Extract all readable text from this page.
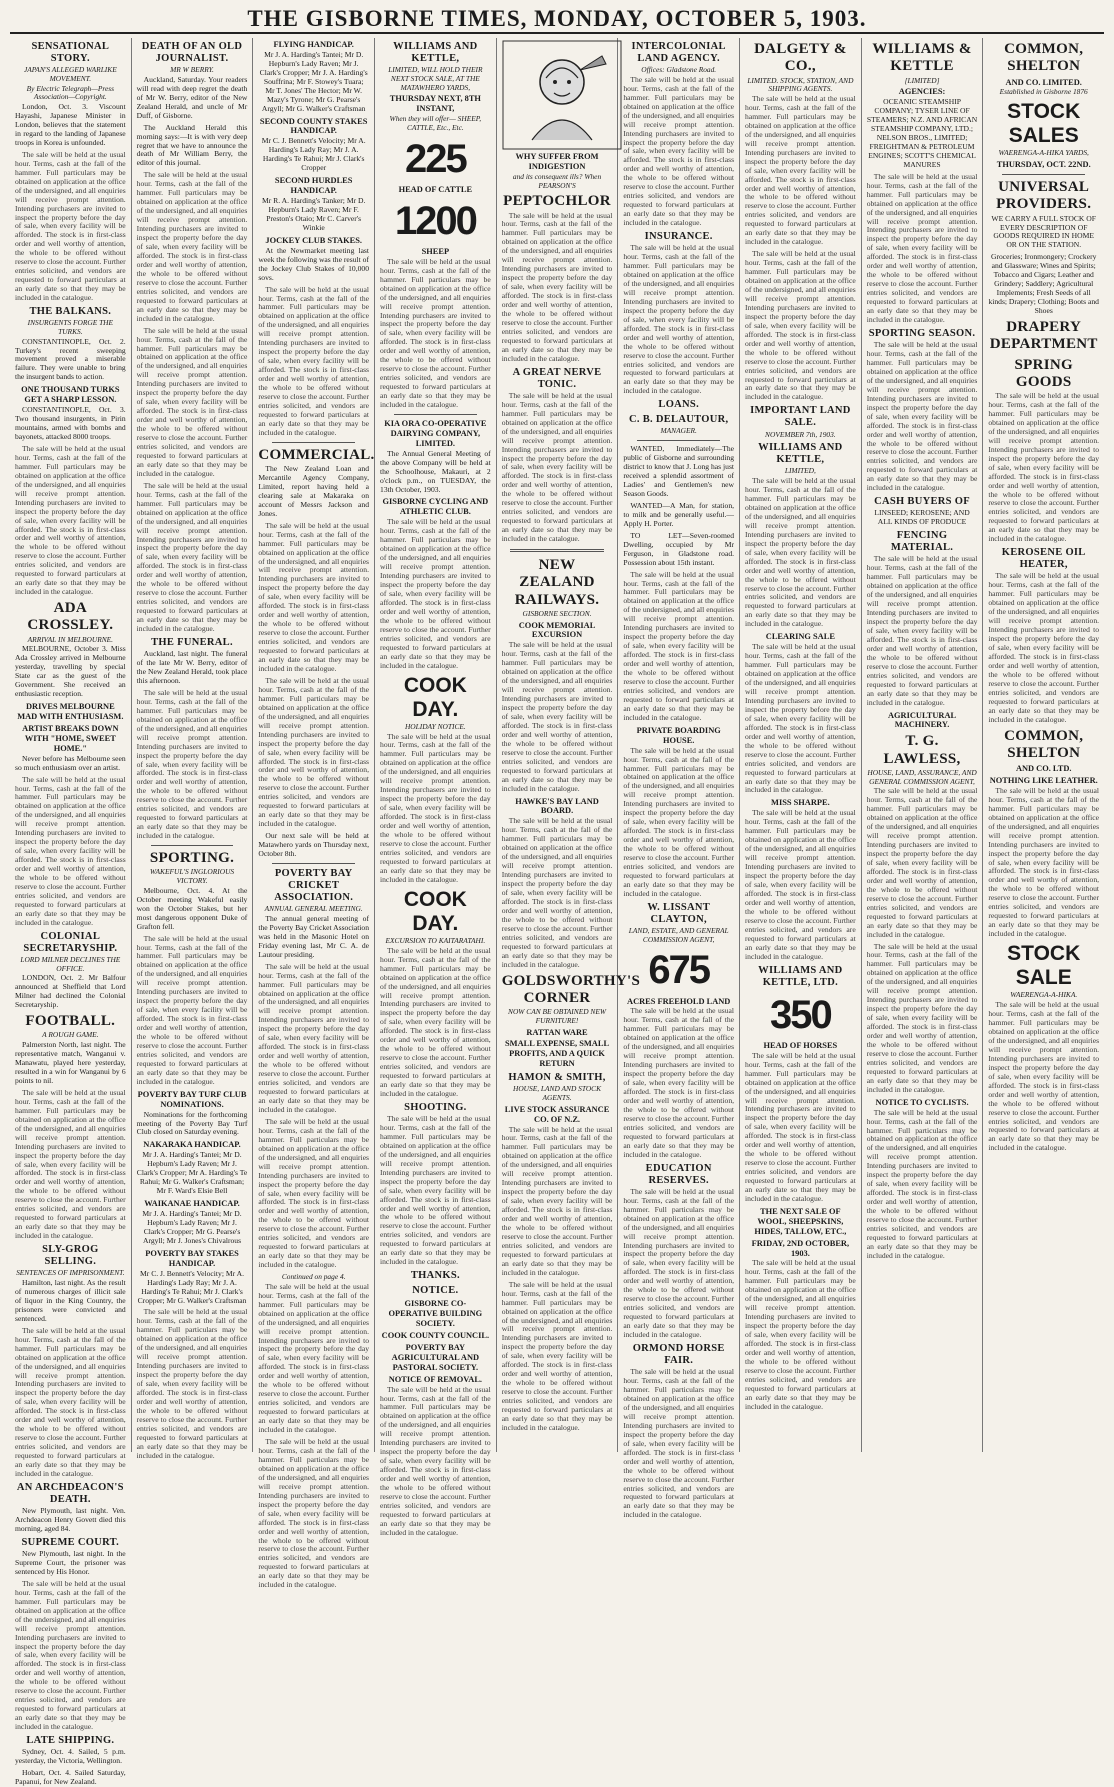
THE GISBORNE TIMES, MONDAY, OCTOBER 5, 1903.
SENSATIONAL STORY.
JAPAN'S ALLEGED WARLIKE MOVEMENT.
By Electric Telegraph—Press Association—Copyright.

London, Oct. 3. Viscount Hayashi, Japanese Minister in London, believes that the statement in regard to the landing of Japanese troops in Korea is unfounded.

The sale will be held at the usual hour. Terms, cash at the fall of the hammer. Full particulars may be obtained on application at the office of the undersigned, and all enquiries will receive prompt attention. Intending purchasers are invited to inspect the property before the day of sale, when every facility will be afforded. The stock is in first-class order and well worthy of attention, the whole to be offered without reserve to close the account. Further entries solicited, and vendors are requested to forward particulars at an early date so that they may be included in the catalogue.

THE BALKANS.
INSURGENTS FORGE THE TURKS.

CONSTANTINOPLE, Oct. 2. Turkey's recent sweeping movement proved a miserable failure. They were unable to bring the insurgent bands to action.

ONE THOUSAND TURKS GET A SHARP LESSON.

CONSTANTINOPLE, Oct. 3. Two thousand insurgents, in Pirin mountains, armed with bombs and bayonets, attacked 8000 troops.

The sale will be held at the usual hour. Terms, cash at the fall of the hammer. Full particulars may be obtained on application at the office of the undersigned, and all enquiries will receive prompt attention. Intending purchasers are invited to inspect the property before the day of sale, when every facility will be afforded. The stock is in first-class order and well worthy of attention, the whole to be offered without reserve to close the account. Further entries solicited, and vendors are requested to forward particulars at an early date so that they may be included in the catalogue.

ADA CROSSLEY.
ARRIVAL IN MELBOURNE.

MELBOURNE, October 3. Miss Ada Crossley arrived in Melbourne yesterday, travelling by special State car as the guest of the Government. She received an enthusiastic reception.

DRIVES MELBOURNE MAD WITH ENTHUSIASM.
ARTIST BREAKS DOWN WITH "HOME, SWEET HOME."

Never before has Melbourne seen so much enthusiasm over an artist.

The sale will be held at the usual hour. Terms, cash at the fall of the hammer. Full particulars may be obtained on application at the office of the undersigned, and all enquiries will receive prompt attention. Intending purchasers are invited to inspect the property before the day of sale, when every facility will be afforded. The stock is in first-class order and well worthy of attention, the whole to be offered without reserve to close the account. Further entries solicited, and vendors are requested to forward particulars at an early date so that they may be included in the catalogue.

COLONIAL SECRETARYSHIP.
LORD MILNER DECLINES THE OFFICE.

LONDON, Oct. 2. Mr Balfour announced at Sheffield that Lord Milner had declined the Colonial Secretaryship.

FOOTBALL.
A ROUGH GAME.

Palmerston North, last night. The representative match, Wanganui v. Manawatu, played here yesterday, resulted in a win for Wanganui by 6 points to nil.

The sale will be held at the usual hour. Terms, cash at the fall of the hammer. Full particulars may be obtained on application at the office of the undersigned, and all enquiries will receive prompt attention. Intending purchasers are invited to inspect the property before the day of sale, when every facility will be afforded. The stock is in first-class order and well worthy of attention, the whole to be offered without reserve to close the account. Further entries solicited, and vendors are requested to forward particulars at an early date so that they may be included in the catalogue.

SLY-GROG SELLING.
SENTENCES OF IMPRISONMENT.

Hamilton, last night. As the result of numerous charges of illicit sale of liquor in the King Country, the prisoners were convicted and sentenced.

The sale will be held at the usual hour. Terms, cash at the fall of the hammer. Full particulars may be obtained on application at the office of the undersigned, and all enquiries will receive prompt attention. Intending purchasers are invited to inspect the property before the day of sale, when every facility will be afforded. The stock is in first-class order and well worthy of attention, the whole to be offered without reserve to close the account. Further entries solicited, and vendors are requested to forward particulars at an early date so that they may be included in the catalogue.

AN ARCHDEACON'S DEATH.

New Plymouth, last night. Ven. Archdeacon Henry Govett died this morning, aged 84.

SUPREME COURT.

New Plymouth, last night. In the Supreme Court, the prisoner was sentenced by His Honor.

The sale will be held at the usual hour. Terms, cash at the fall of the hammer. Full particulars may be obtained on application at the office of the undersigned, and all enquiries will receive prompt attention. Intending purchasers are invited to inspect the property before the day of sale, when every facility will be afforded. The stock is in first-class order and well worthy of attention, the whole to be offered without reserve to close the account. Further entries solicited, and vendors are requested to forward particulars at an early date so that they may be included in the catalogue.

LATE SHIPPING.

Sydney, Oct. 4. Sailed, 5 p.m. yesterday, the Victoria, Wellington.

Hobart, Oct. 4. Sailed Saturday, Papanui, for New Zealand.

DEATH OF AN OLD JOURNALIST.
MR W BERRY.

Auckland, Saturday. Your readers will read with deep regret the death of Mr W. Berry, editor of the New Zealand Herald, and uncle of Mr Duff, of Gisborne.

The Auckland Herald this morning says:—It is with very deep regret that we have to announce the death of Mr William Berry, the editor of this journal.

The sale will be held at the usual hour. Terms, cash at the fall of the hammer. Full particulars may be obtained on application at the office of the undersigned, and all enquiries will receive prompt attention. Intending purchasers are invited to inspect the property before the day of sale, when every facility will be afforded. The stock is in first-class order and well worthy of attention, the whole to be offered without reserve to close the account. Further entries solicited, and vendors are requested to forward particulars at an early date so that they may be included in the catalogue.

The sale will be held at the usual hour. Terms, cash at the fall of the hammer. Full particulars may be obtained on application at the office of the undersigned, and all enquiries will receive prompt attention. Intending purchasers are invited to inspect the property before the day of sale, when every facility will be afforded. The stock is in first-class order and well worthy of attention, the whole to be offered without reserve to close the account. Further entries solicited, and vendors are requested to forward particulars at an early date so that they may be included in the catalogue.

The sale will be held at the usual hour. Terms, cash at the fall of the hammer. Full particulars may be obtained on application at the office of the undersigned, and all enquiries will receive prompt attention. Intending purchasers are invited to inspect the property before the day of sale, when every facility will be afforded. The stock is in first-class order and well worthy of attention, the whole to be offered without reserve to close the account. Further entries solicited, and vendors are requested to forward particulars at an early date so that they may be included in the catalogue.

THE FUNERAL.

Auckland, last night. The funeral of the late Mr W. Berry, editor of the New Zealand Herald, took place this afternoon.

The sale will be held at the usual hour. Terms, cash at the fall of the hammer. Full particulars may be obtained on application at the office of the undersigned, and all enquiries will receive prompt attention. Intending purchasers are invited to inspect the property before the day of sale, when every facility will be afforded. The stock is in first-class order and well worthy of attention, the whole to be offered without reserve to close the account. Further entries solicited, and vendors are requested to forward particulars at an early date so that they may be included in the catalogue.

SPORTING.
WAKEFUL'S INGLORIOUS VICTORY.

Melbourne, Oct. 4. At the October meeting Wakeful easily won the October Stakes, but her most dangerous opponent Duke of Grafton fell.

The sale will be held at the usual hour. Terms, cash at the fall of the hammer. Full particulars may be obtained on application at the office of the undersigned, and all enquiries will receive prompt attention. Intending purchasers are invited to inspect the property before the day of sale, when every facility will be afforded. The stock is in first-class order and well worthy of attention, the whole to be offered without reserve to close the account. Further entries solicited, and vendors are requested to forward particulars at an early date so that they may be included in the catalogue.

POVERTY BAY TURF CLUB NOMINATIONS.

Nominations for the forthcoming meeting of the Poverty Bay Turf Club closed on Saturday evening.

NAKARAKA HANDICAP.

Mr J. A. Harding's Tantei; Mr D. Hepburn's Lady Raven; Mr J. Clark's Cropper; Mr A. Harding's Te Rahui; Mr G. Walker's Craftsman; Mr F. Ward's Elsie Bell

WAIKANAE HANDICAP.

Mr J. A. Harding's Tantei; Mr D. Hepburn's Lady Raven; Mr J. Clark's Cropper; Mr G. Pearse's Argyll; Mr J. Jones's Chivalrous

POVERTY BAY STAKES HANDICAP.

Mr C. J. Bennett's Velocity; Mr A. Harding's Lady Ray; Mr J. A. Harding's Te Rahui; Mr J. Clark's Cropper; Mr G. Walker's Craftsman

The sale will be held at the usual hour. Terms, cash at the fall of the hammer. Full particulars may be obtained on application at the office of the undersigned, and all enquiries will receive prompt attention. Intending purchasers are invited to inspect the property before the day of sale, when every facility will be afforded. The stock is in first-class order and well worthy of attention, the whole to be offered without reserve to close the account. Further entries solicited, and vendors are requested to forward particulars at an early date so that they may be included in the catalogue.

FLYING HANDICAP.

Mr J. A. Harding's Tantei; Mr D. Hepburn's Lady Raven; Mr J. Clark's Cropper; Mr J. A. Harding's Souffrina; Mr F. Stowey's Tuara; Mr T. Jones' The Hector; Mr W. Mazy's Tyrone; Mr G. Pearse's Argyll; Mr G. Walker's Craftsman

SECOND COUNTY STAKES HANDICAP.

Mr C. J. Bennett's Velocity; Mr A. Harding's Lady Ray; Mr J. A. Harding's Te Rahui; Mr J. Clark's Cropper

SECOND HURDLES HANDICAP.

Mr R. A. Harding's Tanker; Mr D. Hepburn's Lady Raven; Mr F. Preston's Otaio; Mr C. Carver's Winkie

JOCKEY CLUB STAKES.

At the Newmarket meeting last week the following was the result of the Jockey Club Stakes of 10,000 sovs.

The sale will be held at the usual hour. Terms, cash at the fall of the hammer. Full particulars may be obtained on application at the office of the undersigned, and all enquiries will receive prompt attention. Intending purchasers are invited to inspect the property before the day of sale, when every facility will be afforded. The stock is in first-class order and well worthy of attention, the whole to be offered without reserve to close the account. Further entries solicited, and vendors are requested to forward particulars at an early date so that they may be included in the catalogue.

COMMERCIAL.

The New Zealand Loan and Mercantile Agency Company, Limited, report having held a clearing sale at Makaraka on account of Messrs Jackson and Jones.

The sale will be held at the usual hour. Terms, cash at the fall of the hammer. Full particulars may be obtained on application at the office of the undersigned, and all enquiries will receive prompt attention. Intending purchasers are invited to inspect the property before the day of sale, when every facility will be afforded. The stock is in first-class order and well worthy of attention, the whole to be offered without reserve to close the account. Further entries solicited, and vendors are requested to forward particulars at an early date so that they may be included in the catalogue.

The sale will be held at the usual hour. Terms, cash at the fall of the hammer. Full particulars may be obtained on application at the office of the undersigned, and all enquiries will receive prompt attention. Intending purchasers are invited to inspect the property before the day of sale, when every facility will be afforded. The stock is in first-class order and well worthy of attention, the whole to be offered without reserve to close the account. Further entries solicited, and vendors are requested to forward particulars at an early date so that they may be included in the catalogue.

Our next sale will be held at Matawhero yards on Thursday next, October 8th.

POVERTY BAY CRICKET ASSOCIATION.
ANNUAL GENERAL MEETING.

The annual general meeting of the Poverty Bay Cricket Association was held in the Masonic Hotel on Friday evening last, Mr C. A. de Lautour presiding.

The sale will be held at the usual hour. Terms, cash at the fall of the hammer. Full particulars may be obtained on application at the office of the undersigned, and all enquiries will receive prompt attention. Intending purchasers are invited to inspect the property before the day of sale, when every facility will be afforded. The stock is in first-class order and well worthy of attention, the whole to be offered without reserve to close the account. Further entries solicited, and vendors are requested to forward particulars at an early date so that they may be included in the catalogue.

The sale will be held at the usual hour. Terms, cash at the fall of the hammer. Full particulars may be obtained on application at the office of the undersigned, and all enquiries will receive prompt attention. Intending purchasers are invited to inspect the property before the day of sale, when every facility will be afforded. The stock is in first-class order and well worthy of attention, the whole to be offered without reserve to close the account. Further entries solicited, and vendors are requested to forward particulars at an early date so that they may be included in the catalogue.

Continued on page 4.

The sale will be held at the usual hour. Terms, cash at the fall of the hammer. Full particulars may be obtained on application at the office of the undersigned, and all enquiries will receive prompt attention. Intending purchasers are invited to inspect the property before the day of sale, when every facility will be afforded. The stock is in first-class order and well worthy of attention, the whole to be offered without reserve to close the account. Further entries solicited, and vendors are requested to forward particulars at an early date so that they may be included in the catalogue.

The sale will be held at the usual hour. Terms, cash at the fall of the hammer. Full particulars may be obtained on application at the office of the undersigned, and all enquiries will receive prompt attention. Intending purchasers are invited to inspect the property before the day of sale, when every facility will be afforded. The stock is in first-class order and well worthy of attention, the whole to be offered without reserve to close the account. Further entries solicited, and vendors are requested to forward particulars at an early date so that they may be included in the catalogue.

WILLIAMS AND KETTLE,
LIMITED, WILL HOLD THEIR NEXT STOCK SALE, AT THE MATAWHERO YARDS,
THURSDAY NEXT, 8TH INSTANT,
When they will offer— SHEEP, CATTLE, Etc., Etc.
225
HEAD OF CATTLE
1200
SHEEP

The sale will be held at the usual hour. Terms, cash at the fall of the hammer. Full particulars may be obtained on application at the office of the undersigned, and all enquiries will receive prompt attention. Intending purchasers are invited to inspect the property before the day of sale, when every facility will be afforded. The stock is in first-class order and well worthy of attention, the whole to be offered without reserve to close the account. Further entries solicited, and vendors are requested to forward particulars at an early date so that they may be included in the catalogue.

KIA ORA CO-OPERATIVE DAIRYING COMPANY, LIMITED.

The Annual General Meeting of the above Company will be held at the Schoolhouse, Makauri, at 2 o'clock p.m., on TUESDAY, the 13th October, 1903.

GISBORNE CYCLING AND ATHLETIC CLUB.

The sale will be held at the usual hour. Terms, cash at the fall of the hammer. Full particulars may be obtained on application at the office of the undersigned, and all enquiries will receive prompt attention. Intending purchasers are invited to inspect the property before the day of sale, when every facility will be afforded. The stock is in first-class order and well worthy of attention, the whole to be offered without reserve to close the account. Further entries solicited, and vendors are requested to forward particulars at an early date so that they may be included in the catalogue.

COOK DAY.
HOLIDAY NOTICE.

The sale will be held at the usual hour. Terms, cash at the fall of the hammer. Full particulars may be obtained on application at the office of the undersigned, and all enquiries will receive prompt attention. Intending purchasers are invited to inspect the property before the day of sale, when every facility will be afforded. The stock is in first-class order and well worthy of attention, the whole to be offered without reserve to close the account. Further entries solicited, and vendors are requested to forward particulars at an early date so that they may be included in the catalogue.

COOK DAY.
EXCURSION TO KAITARATAHI.

The sale will be held at the usual hour. Terms, cash at the fall of the hammer. Full particulars may be obtained on application at the office of the undersigned, and all enquiries will receive prompt attention. Intending purchasers are invited to inspect the property before the day of sale, when every facility will be afforded. The stock is in first-class order and well worthy of attention, the whole to be offered without reserve to close the account. Further entries solicited, and vendors are requested to forward particulars at an early date so that they may be included in the catalogue.

SHOOTING.

The sale will be held at the usual hour. Terms, cash at the fall of the hammer. Full particulars may be obtained on application at the office of the undersigned, and all enquiries will receive prompt attention. Intending purchasers are invited to inspect the property before the day of sale, when every facility will be afforded. The stock is in first-class order and well worthy of attention, the whole to be offered without reserve to close the account. Further entries solicited, and vendors are requested to forward particulars at an early date so that they may be included in the catalogue.

THANKS.
NOTICE.
GISBORNE CO-OPERATIVE BUILDING SOCIETY.
COOK COUNTY COUNCIL.
POVERTY BAY AGRICULTURAL AND PASTORAL SOCIETY.
NOTICE OF REMOVAL.

The sale will be held at the usual hour. Terms, cash at the fall of the hammer. Full particulars may be obtained on application at the office of the undersigned, and all enquiries will receive prompt attention. Intending purchasers are invited to inspect the property before the day of sale, when every facility will be afforded. The stock is in first-class order and well worthy of attention, the whole to be offered without reserve to close the account. Further entries solicited, and vendors are requested to forward particulars at an early date so that they may be included in the catalogue.

WHY SUFFER FROM INDIGESTION
and its consequent ills? When PEARSON'S
PEPTOCHLOR

The sale will be held at the usual hour. Terms, cash at the fall of the hammer. Full particulars may be obtained on application at the office of the undersigned, and all enquiries will receive prompt attention. Intending purchasers are invited to inspect the property before the day of sale, when every facility will be afforded. The stock is in first-class order and well worthy of attention, the whole to be offered without reserve to close the account. Further entries solicited, and vendors are requested to forward particulars at an early date so that they may be included in the catalogue.

A GREAT NERVE TONIC.

The sale will be held at the usual hour. Terms, cash at the fall of the hammer. Full particulars may be obtained on application at the office of the undersigned, and all enquiries will receive prompt attention. Intending purchasers are invited to inspect the property before the day of sale, when every facility will be afforded. The stock is in first-class order and well worthy of attention, the whole to be offered without reserve to close the account. Further entries solicited, and vendors are requested to forward particulars at an early date so that they may be included in the catalogue.

NEW ZEALAND RAILWAYS.
GISBORNE SECTION.
COOK MEMORIAL EXCURSION

The sale will be held at the usual hour. Terms, cash at the fall of the hammer. Full particulars may be obtained on application at the office of the undersigned, and all enquiries will receive prompt attention. Intending purchasers are invited to inspect the property before the day of sale, when every facility will be afforded. The stock is in first-class order and well worthy of attention, the whole to be offered without reserve to close the account. Further entries solicited, and vendors are requested to forward particulars at an early date so that they may be included in the catalogue.

HAWKE'S BAY LAND BOARD.

The sale will be held at the usual hour. Terms, cash at the fall of the hammer. Full particulars may be obtained on application at the office of the undersigned, and all enquiries will receive prompt attention. Intending purchasers are invited to inspect the property before the day of sale, when every facility will be afforded. The stock is in first-class order and well worthy of attention, the whole to be offered without reserve to close the account. Further entries solicited, and vendors are requested to forward particulars at an early date so that they may be included in the catalogue.

GOLDSWORTHY'S CORNER
NOW CAN BE OBTAINED NEW FURNITURE!
RATTAN WARE
SMALL EXPENSE, SMALL PROFITS, AND A QUICK RETURN
HAMON & SMITH,
HOUSE, LAND AND STOCK AGENTS.
LIVE STOCK ASSURANCE CO. OF N.Z.

The sale will be held at the usual hour. Terms, cash at the fall of the hammer. Full particulars may be obtained on application at the office of the undersigned, and all enquiries will receive prompt attention. Intending purchasers are invited to inspect the property before the day of sale, when every facility will be afforded. The stock is in first-class order and well worthy of attention, the whole to be offered without reserve to close the account. Further entries solicited, and vendors are requested to forward particulars at an early date so that they may be included in the catalogue.

The sale will be held at the usual hour. Terms, cash at the fall of the hammer. Full particulars may be obtained on application at the office of the undersigned, and all enquiries will receive prompt attention. Intending purchasers are invited to inspect the property before the day of sale, when every facility will be afforded. The stock is in first-class order and well worthy of attention, the whole to be offered without reserve to close the account. Further entries solicited, and vendors are requested to forward particulars at an early date so that they may be included in the catalogue.

INTERCOLONIAL LAND AGENCY.
Offices: Gladstone Road.

The sale will be held at the usual hour. Terms, cash at the fall of the hammer. Full particulars may be obtained on application at the office of the undersigned, and all enquiries will receive prompt attention. Intending purchasers are invited to inspect the property before the day of sale, when every facility will be afforded. The stock is in first-class order and well worthy of attention, the whole to be offered without reserve to close the account. Further entries solicited, and vendors are requested to forward particulars at an early date so that they may be included in the catalogue.

INSURANCE.

The sale will be held at the usual hour. Terms, cash at the fall of the hammer. Full particulars may be obtained on application at the office of the undersigned, and all enquiries will receive prompt attention. Intending purchasers are invited to inspect the property before the day of sale, when every facility will be afforded. The stock is in first-class order and well worthy of attention, the whole to be offered without reserve to close the account. Further entries solicited, and vendors are requested to forward particulars at an early date so that they may be included in the catalogue.

LOANS.
C. B. DELAUTOUR,
MANAGER.

WANTED, Immediately—The public of Gisborne and surrounding district to know that J. Long has just received a splendid assortment of Ladies' and Gentlemen's new Season Goods.

WANTED—A Man, for station, to milk and be generally useful.—Apply H. Porter.

TO LET—Seven-roomed Dwelling, occupied by Mr Ferguson, in Gladstone road. Possession about 15th instant.

The sale will be held at the usual hour. Terms, cash at the fall of the hammer. Full particulars may be obtained on application at the office of the undersigned, and all enquiries will receive prompt attention. Intending purchasers are invited to inspect the property before the day of sale, when every facility will be afforded. The stock is in first-class order and well worthy of attention, the whole to be offered without reserve to close the account. Further entries solicited, and vendors are requested to forward particulars at an early date so that they may be included in the catalogue.

PRIVATE BOARDING HOUSE.

The sale will be held at the usual hour. Terms, cash at the fall of the hammer. Full particulars may be obtained on application at the office of the undersigned, and all enquiries will receive prompt attention. Intending purchasers are invited to inspect the property before the day of sale, when every facility will be afforded. The stock is in first-class order and well worthy of attention, the whole to be offered without reserve to close the account. Further entries solicited, and vendors are requested to forward particulars at an early date so that they may be included in the catalogue.

W. LISSANT CLAYTON,
LAND, ESTATE, AND GENERAL COMMISSION AGENT,
675
ACRES FREEHOLD LAND

The sale will be held at the usual hour. Terms, cash at the fall of the hammer. Full particulars may be obtained on application at the office of the undersigned, and all enquiries will receive prompt attention. Intending purchasers are invited to inspect the property before the day of sale, when every facility will be afforded. The stock is in first-class order and well worthy of attention, the whole to be offered without reserve to close the account. Further entries solicited, and vendors are requested to forward particulars at an early date so that they may be included in the catalogue.

EDUCATION RESERVES.

The sale will be held at the usual hour. Terms, cash at the fall of the hammer. Full particulars may be obtained on application at the office of the undersigned, and all enquiries will receive prompt attention. Intending purchasers are invited to inspect the property before the day of sale, when every facility will be afforded. The stock is in first-class order and well worthy of attention, the whole to be offered without reserve to close the account. Further entries solicited, and vendors are requested to forward particulars at an early date so that they may be included in the catalogue.

ORMOND HORSE FAIR.

The sale will be held at the usual hour. Terms, cash at the fall of the hammer. Full particulars may be obtained on application at the office of the undersigned, and all enquiries will receive prompt attention. Intending purchasers are invited to inspect the property before the day of sale, when every facility will be afforded. The stock is in first-class order and well worthy of attention, the whole to be offered without reserve to close the account. Further entries solicited, and vendors are requested to forward particulars at an early date so that they may be included in the catalogue.

DALGETY & CO.,
LIMITED. STOCK, STATION, AND SHIPPING AGENTS.

The sale will be held at the usual hour. Terms, cash at the fall of the hammer. Full particulars may be obtained on application at the office of the undersigned, and all enquiries will receive prompt attention. Intending purchasers are invited to inspect the property before the day of sale, when every facility will be afforded. The stock is in first-class order and well worthy of attention, the whole to be offered without reserve to close the account. Further entries solicited, and vendors are requested to forward particulars at an early date so that they may be included in the catalogue.

The sale will be held at the usual hour. Terms, cash at the fall of the hammer. Full particulars may be obtained on application at the office of the undersigned, and all enquiries will receive prompt attention. Intending purchasers are invited to inspect the property before the day of sale, when every facility will be afforded. The stock is in first-class order and well worthy of attention, the whole to be offered without reserve to close the account. Further entries solicited, and vendors are requested to forward particulars at an early date so that they may be included in the catalogue.

IMPORTANT LAND SALE.
NOVEMBER 7th, 1903.
WILLIAMS AND KETTLE,
LIMITED,

The sale will be held at the usual hour. Terms, cash at the fall of the hammer. Full particulars may be obtained on application at the office of the undersigned, and all enquiries will receive prompt attention. Intending purchasers are invited to inspect the property before the day of sale, when every facility will be afforded. The stock is in first-class order and well worthy of attention, the whole to be offered without reserve to close the account. Further entries solicited, and vendors are requested to forward particulars at an early date so that they may be included in the catalogue.

CLEARING SALE

The sale will be held at the usual hour. Terms, cash at the fall of the hammer. Full particulars may be obtained on application at the office of the undersigned, and all enquiries will receive prompt attention. Intending purchasers are invited to inspect the property before the day of sale, when every facility will be afforded. The stock is in first-class order and well worthy of attention, the whole to be offered without reserve to close the account. Further entries solicited, and vendors are requested to forward particulars at an early date so that they may be included in the catalogue.

MISS SHARPE.

The sale will be held at the usual hour. Terms, cash at the fall of the hammer. Full particulars may be obtained on application at the office of the undersigned, and all enquiries will receive prompt attention. Intending purchasers are invited to inspect the property before the day of sale, when every facility will be afforded. The stock is in first-class order and well worthy of attention, the whole to be offered without reserve to close the account. Further entries solicited, and vendors are requested to forward particulars at an early date so that they may be included in the catalogue.

WILLIAMS AND KETTLE, LTD.
350
HEAD OF HORSES

The sale will be held at the usual hour. Terms, cash at the fall of the hammer. Full particulars may be obtained on application at the office of the undersigned, and all enquiries will receive prompt attention. Intending purchasers are invited to inspect the property before the day of sale, when every facility will be afforded. The stock is in first-class order and well worthy of attention, the whole to be offered without reserve to close the account. Further entries solicited, and vendors are requested to forward particulars at an early date so that they may be included in the catalogue.

THE NEXT SALE OF WOOL, SHEEPSKINS, HIDES, TALLOW, ETC.,
FRIDAY, 2ND OCTOBER, 1903.

The sale will be held at the usual hour. Terms, cash at the fall of the hammer. Full particulars may be obtained on application at the office of the undersigned, and all enquiries will receive prompt attention. Intending purchasers are invited to inspect the property before the day of sale, when every facility will be afforded. The stock is in first-class order and well worthy of attention, the whole to be offered without reserve to close the account. Further entries solicited, and vendors are requested to forward particulars at an early date so that they may be included in the catalogue.

WILLIAMS & KETTLE
[LIMITED]
AGENCIES:

OCEANIC STEAMSHIP COMPANY; TYSER LINE OF STEAMERS; N.Z. AND AFRICAN STEAMSHIP COMPANY, LTD.; NELSON BROS., LIMITED; FREIGHTMAN & PETROLEUM ENGINES; SCOTT'S CHEMICAL MANURES

The sale will be held at the usual hour. Terms, cash at the fall of the hammer. Full particulars may be obtained on application at the office of the undersigned, and all enquiries will receive prompt attention. Intending purchasers are invited to inspect the property before the day of sale, when every facility will be afforded. The stock is in first-class order and well worthy of attention, the whole to be offered without reserve to close the account. Further entries solicited, and vendors are requested to forward particulars at an early date so that they may be included in the catalogue.

SPORTING SEASON.

The sale will be held at the usual hour. Terms, cash at the fall of the hammer. Full particulars may be obtained on application at the office of the undersigned, and all enquiries will receive prompt attention. Intending purchasers are invited to inspect the property before the day of sale, when every facility will be afforded. The stock is in first-class order and well worthy of attention, the whole to be offered without reserve to close the account. Further entries solicited, and vendors are requested to forward particulars at an early date so that they may be included in the catalogue.

CASH BUYERS OF

LINSEED; KEROSENE; AND ALL KINDS OF PRODUCE

FENCING MATERIAL.

The sale will be held at the usual hour. Terms, cash at the fall of the hammer. Full particulars may be obtained on application at the office of the undersigned, and all enquiries will receive prompt attention. Intending purchasers are invited to inspect the property before the day of sale, when every facility will be afforded. The stock is in first-class order and well worthy of attention, the whole to be offered without reserve to close the account. Further entries solicited, and vendors are requested to forward particulars at an early date so that they may be included in the catalogue.

AGRICULTURAL MACHINERY.
T. G. LAWLESS,
HOUSE, LAND, ASSURANCE, AND GENERAL COMMISSION AGENT,

The sale will be held at the usual hour. Terms, cash at the fall of the hammer. Full particulars may be obtained on application at the office of the undersigned, and all enquiries will receive prompt attention. Intending purchasers are invited to inspect the property before the day of sale, when every facility will be afforded. The stock is in first-class order and well worthy of attention, the whole to be offered without reserve to close the account. Further entries solicited, and vendors are requested to forward particulars at an early date so that they may be included in the catalogue.

The sale will be held at the usual hour. Terms, cash at the fall of the hammer. Full particulars may be obtained on application at the office of the undersigned, and all enquiries will receive prompt attention. Intending purchasers are invited to inspect the property before the day of sale, when every facility will be afforded. The stock is in first-class order and well worthy of attention, the whole to be offered without reserve to close the account. Further entries solicited, and vendors are requested to forward particulars at an early date so that they may be included in the catalogue.

NOTICE TO CYCLISTS.

The sale will be held at the usual hour. Terms, cash at the fall of the hammer. Full particulars may be obtained on application at the office of the undersigned, and all enquiries will receive prompt attention. Intending purchasers are invited to inspect the property before the day of sale, when every facility will be afforded. The stock is in first-class order and well worthy of attention, the whole to be offered without reserve to close the account. Further entries solicited, and vendors are requested to forward particulars at an early date so that they may be included in the catalogue.

COMMON, SHELTON
AND CO. LIMITED.
Established in Gisborne 1876
STOCK SALES
WAERENGA-A-HIKA YARDS,
THURSDAY, OCT. 22ND.
UNIVERSAL PROVIDERS.

WE CARRY A FULL STOCK OF EVERY DESCRIPTION OF GOODS REQUIRED IN HOME OR ON THE STATION.

Groceries; Ironmongery; Crockery and Glassware; Wines and Spirits; Tobacco and Cigars; Leather and Grindery; Saddlery; Agricultural Implements; Fresh Seeds of all kinds; Drapery; Clothing; Boots and Shoes

DRAPERY DEPARTMENT
SPRING GOODS

The sale will be held at the usual hour. Terms, cash at the fall of the hammer. Full particulars may be obtained on application at the office of the undersigned, and all enquiries will receive prompt attention. Intending purchasers are invited to inspect the property before the day of sale, when every facility will be afforded. The stock is in first-class order and well worthy of attention, the whole to be offered without reserve to close the account. Further entries solicited, and vendors are requested to forward particulars at an early date so that they may be included in the catalogue.

KEROSENE OIL HEATER,

The sale will be held at the usual hour. Terms, cash at the fall of the hammer. Full particulars may be obtained on application at the office of the undersigned, and all enquiries will receive prompt attention. Intending purchasers are invited to inspect the property before the day of sale, when every facility will be afforded. The stock is in first-class order and well worthy of attention, the whole to be offered without reserve to close the account. Further entries solicited, and vendors are requested to forward particulars at an early date so that they may be included in the catalogue.

COMMON, SHELTON
AND CO. LTD.
NOTHING LIKE LEATHER.

The sale will be held at the usual hour. Terms, cash at the fall of the hammer. Full particulars may be obtained on application at the office of the undersigned, and all enquiries will receive prompt attention. Intending purchasers are invited to inspect the property before the day of sale, when every facility will be afforded. The stock is in first-class order and well worthy of attention, the whole to be offered without reserve to close the account. Further entries solicited, and vendors are requested to forward particulars at an early date so that they may be included in the catalogue.

STOCK SALE
WAERENGA-A-HIKA.

The sale will be held at the usual hour. Terms, cash at the fall of the hammer. Full particulars may be obtained on application at the office of the undersigned, and all enquiries will receive prompt attention. Intending purchasers are invited to inspect the property before the day of sale, when every facility will be afforded. The stock is in first-class order and well worthy of attention, the whole to be offered without reserve to close the account. Further entries solicited, and vendors are requested to forward particulars at an early date so that they may be included in the catalogue.
